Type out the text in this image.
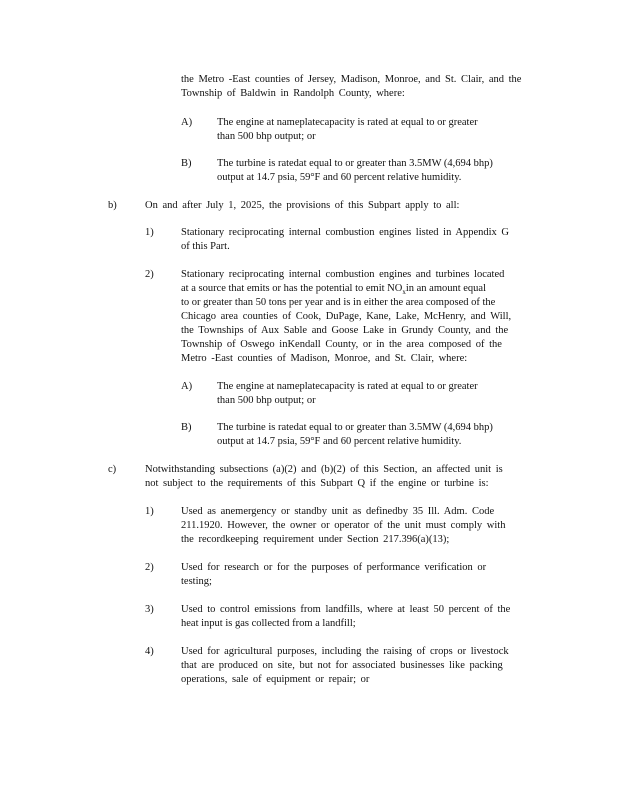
the Metro -East counties of Jersey, Madison, Monroe, and St. Clair, and the
Township of Baldwin in Randolph County, where:
A) The engine at nameplatecapacity is rated at equal to or greater
than 500 bhp output; or
B) The turbine is ratedat equal to or greater than 3.5MW (4,694 bhp)
output at 14.7 psia, 59°F and 60 percent relative humidity.
b)	On and after July 1, 2025, the provisions of this Subpart apply to all:
1)	Stationary reciprocating internal combustion engines listed in Appendix G
of this Part.
2)	Stationary reciprocating internal combustion engines and turbines located
at a source that emits or has the potential to emit $NO_xin$ an amount equal
to or greater than 50 tons per year and is in either the area composed of the
Chicago area counties of Cook, DuPage, Kane, Lake, McHenry, and Will,
the Townships of Aux Sable and Goose Lake in Grundy County, and the
Township of Oswego inKendall County, or in the area composed of the
Metro -East counties of Madison, Monroe, and St. Clair, where:
A) The engine at nameplatecapacity is rated at equal to or greater
than 500 bhp output; or
B) The turbine is ratedat equal to or greater than 3.5MW (4,694 bhp)
output at 14.7 psia, 59°F and 60 percent relative humidity.
c)	Notwithstanding subsections (a)(2) and (b)(2) of this Section, an affected unit is
not subject to the requirements of this Subpart Q if the engine or turbine is:
1)	Used as anemergency or standby unit as definedby 35 Ill. Adm. Code
211.1920. However, the owner or operator of the unit must comply with
the recordkeeping requirement under Section 217.396(a)(13);
2)	Used for research or for the purposes of performance verification or
testing;
3)	Used to control emissions from landfills, where at least 50 percent of the
heat input is gas collected from a landfill;
4)	Used for agricultural purposes, including the raising of crops or livestock
that are produced on site, but not for associated businesses like packing
operations, sale of equipment or repair; or
